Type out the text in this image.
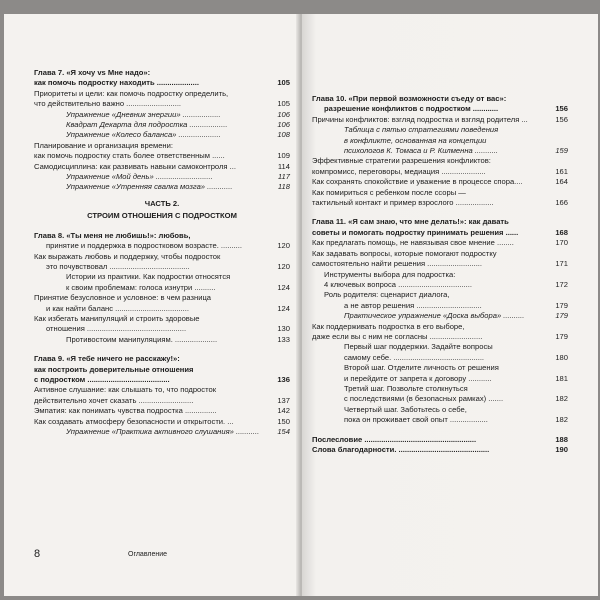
Глава 7. «Я хочу vs Мне надо»:
как помочь подростку находить ....................	105
Приоритеты и цели: как помочь подростку определить,
что действительно важно ..........................	105
Упражнение «Дневник энергии» ..................	106
Квадрат Декарта для подростка ..................	106
Упражнение «Колесо баланса» ....................	108
Планирование и организация времени:
как помочь подростку стать более ответственным ......	109
Самодисциплина: как развивать навыки самоконтроля ...	114
Упражнение «Мой день» ...........................	117
Упражнение «Утренняя свалка мозга» ............	118
ЧАСТЬ 2.
СТРОИМ ОТНОШЕНИЯ С ПОДРОСТКОМ
Глава 8. «Ты меня не любишь!»: любовь,
принятие и поддержка в подростковом возрасте. ..........	120
Как выражать любовь и поддержку, чтобы подросток
это почувствовал ......................................	120
Истории из практики. Как подростки относятся
к своим проблемам: голоса изнутри ..........	124
Принятие безусловное и условное: в чем разница
и как найти баланс ...................................	124
Как избегать манипуляций и строить здоровые
отношения ...............................................	130
Противостоим манипуляциям. ....................	133
Глава 9. «Я тебе ничего не расскажу!»:
как построить доверительные отношения
с подростком .......................................	136
Активное слушание: как слышать то, что подросток
действительно хочет сказать ..........................	137
Эмпатия: как понимать чувства подростка ...............	142
Как создавать атмосферу безопасности и открытости. ...	150
Упражнение «Практика активного слушания» ...........	154
8	Оглавление
Глава 10. «При первой возможности съеду от вас»:
разрешение конфликтов с подростком ............	156
Причины конфликтов: взгляд подростка и взгляд родителя ...	156
Таблица с пятью стратегиями поведения
в конфликте, основанная на концепции
психологов К. Томаса и Р. Килменна ...........	159
Эффективные стратегии разрешения конфликтов:
компромисс, переговоры, медиация .....................	161
Как сохранять спокойствие и уважение в процессе спора....	164
Как помириться с ребенком после ссоры —
тактильный контакт и пример взрослого ..................	166
Глава 11. «Я сам знаю, что мне делать!»: как давать
советы и помогать подростку принимать решения ......	168
Как предлагать помощь, не навязывая свое мнение ........	170
Как задавать вопросы, которые помогают подростку
самостоятельно найти решения ..........................	171
Инструменты выбора для подростка:
4 ключевых вопроса ...................................	172
Роль родителя: сценарист диалога,
а не автор решения ...............................	179
Практическое упражнение «Доска выбора» ..........	179
Как поддерживать подростка в его выборе,
даже если вы с ним не согласны .........................	179
Первый шаг поддержки. Задайте вопросы
самому себе. ...........................................	180
Второй шаг. Отделите личность от решения
и перейдите от запрета к договору ...........	181
Третий шаг. Позвольте столкнуться
с последствиями (в безопасных рамках) .......	182
Четвертый шаг. Заботьтесь о себе,
пока он проживает свой опыт ..................	182
Послесловие .....................................................	188
Слова благодарности. ...........................................	190
